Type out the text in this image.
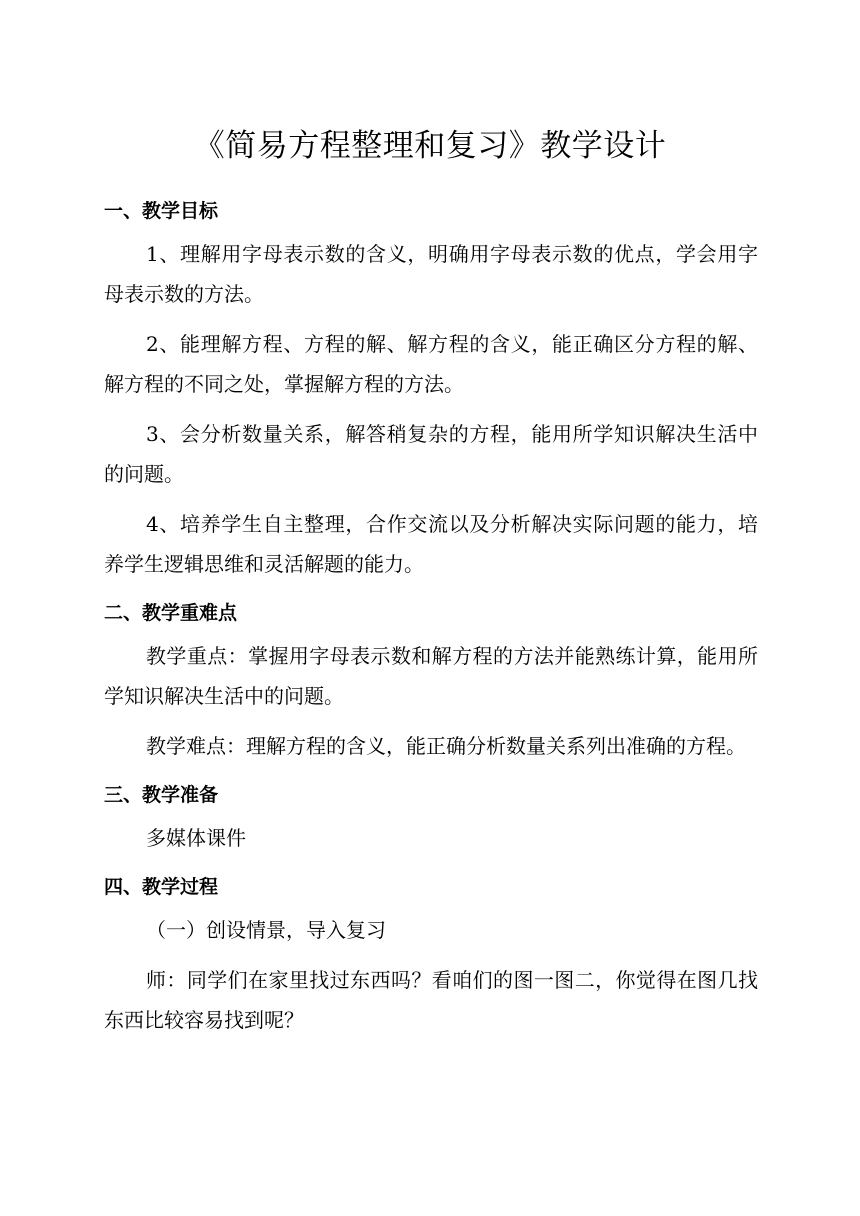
《简易方程整理和复习》教学设计

一、教学目标

1、理解用字母表示数的含义，明确用字母表示数的优点，学会用字母表示数的方法。

2、能理解方程、方程的解、解方程的含义，能正确区分方程的解、解方程的不同之处，掌握解方程的方法。

3、会分析数量关系，解答稍复杂的方程，能用所学知识解决生活中的问题。

4、培养学生自主整理，合作交流以及分析解决实际问题的能力，培养学生逻辑思维和灵活解题的能力。

二、教学重难点

教学重点：掌握用字母表示数和解方程的方法并能熟练计算，能用所学知识解决生活中的问题。

教学难点：理解方程的含义，能正确分析数量关系列出准确的方程。

三、教学准备

多媒体课件

四、教学过程

（一）创设情景，导入复习

师：同学们在家里找过东西吗？看咱们的图一图二，你觉得在图几找东西比较容易找到呢？
